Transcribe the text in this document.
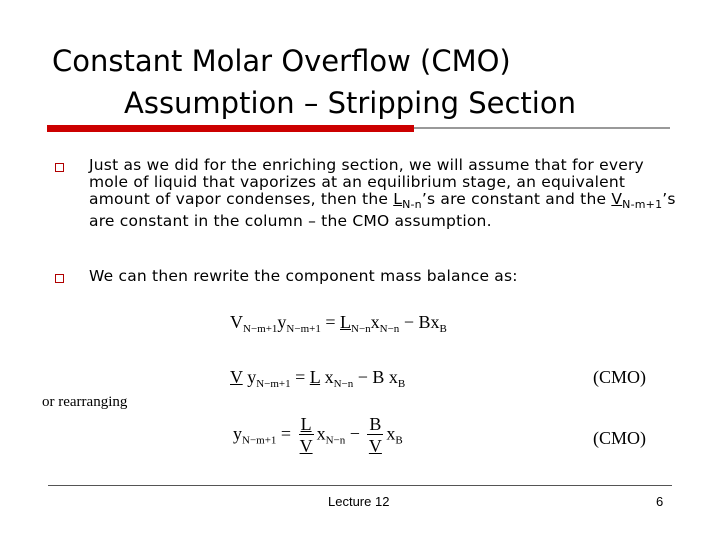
Constant Molar Overflow (CMO)
Assumption – Stripping Section
Just as we did for the enriching section, we will assume that for every mole of liquid that vaporizes at an equilibrium stage, an equivalent amount of vapor condenses, then the $L_{N-n}’s$ are constant and the $V_{N-m+1}’s$ are constant in the column – the CMO assumption.
We can then rewrite the component mass balance as:
$V_{N-m+1}y_{N-m+1} = L_{N-n}x_{N-n} - Bx_B$
V $y_{N-m+1} = L$ $x_{N-n} - B$ $x_B$	(CMO)
or rearranging
$y_{N-m+1} = \frac{L}{V} x_{N-n} - \frac{B}{V} x_B$	(CMO)
Lecture 12	6
